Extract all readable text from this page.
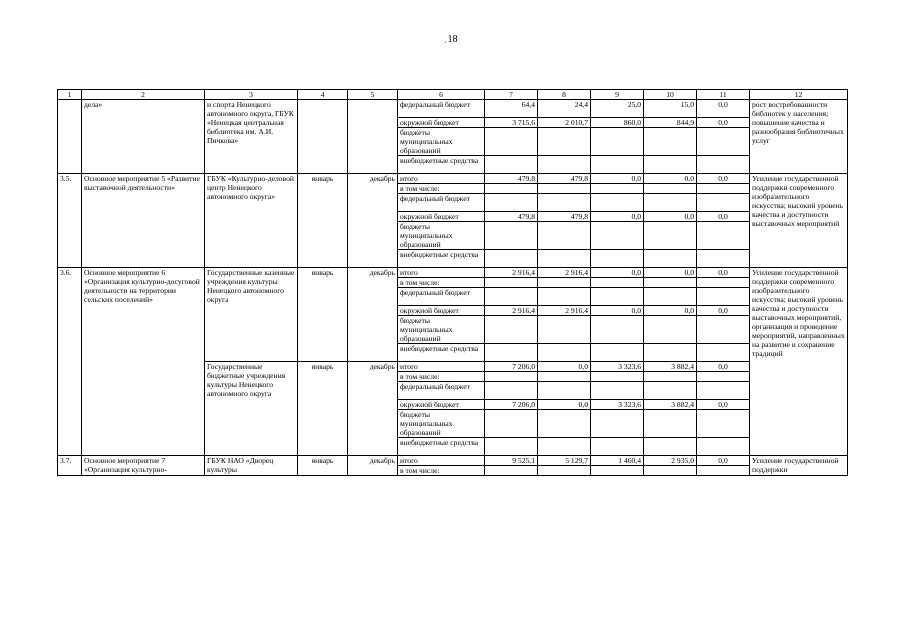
18
·
1	2	3	4	5	6	7	8	9	10	11	12
	дела»	и спорта Ненецкого автономного округа, ГБУК «Ненецкая центральная библиотека им. А.И. Пичкова»			федеральный бюджет	64,4	24,4	25,0	15,0	0,0	рост востребованности библиотек у населения; повышение качества и разнообразия библиотечных услуг
					окружной бюджет	3 715,6	2 010,7	860,0	844,9	0,0	
					бюджеты муниципальных образований						
					внебюджетные средства						
3.5.	Основное мероприятие 5 «Развитие выставочной деятельности»	ГБУК «Культурно-деловой центр Ненецкого автономного округа»	январь	декабрь	итого	479,8	479,8	0,0	0,0	0,0	Усиление государственной поддержки современного изобразительного искусства; высокий уровень качества и доступности выставочных мероприятий
					в том числе:						
					федеральный бюджет						
					окружной бюджет	479,8	479,8	0,0	0,0	0,0	
					бюджеты муниципальных образований						
					внебюджетные средства						
3.6.	Основное мероприятие 6 «Организация культурно-досуговой деятельности на территории сельских поселений»	Государственные казенные учреждения культуры Ненецкого автономного округа	январь	декабрь	итого	2 916,4	2 916,4	0,0	0,0	0,0	Усиление государственной поддержки современного изобразительного искусства; высокий уровень качества и доступности выставочных мероприятий, организация и проведение мероприятий, направленных на развитие и сохранение традиций
					в том числе:						
					федеральный бюджет						
					окружной бюджет	2 916,4	2 916,4	0,0	0,0	0,0	
					бюджеты муниципальных образований						
					внебюджетные средства						
		Государственные бюджетные учреждения культуры Ненецкого автономного округа	январь	декабрь	итого	7 206,0	0,0	3 323,6	3 882,4	0,0	
					в том числе:						
					федеральный бюджет						
					окружной бюджет	7 206,0	0,0	3 323,6	3 882,4	0,0	
					бюджеты муниципальных образований						
					внебюджетные средства						
3.7.	Основное мероприятие 7 «Организация культурно-	ГБУК НАО «Дворец культуры	январь	декабрь	итого	9 525,1	5 129,7	1 460,4	2 935,0	0,0	Усиление государственной поддержки
					в том числе:						
